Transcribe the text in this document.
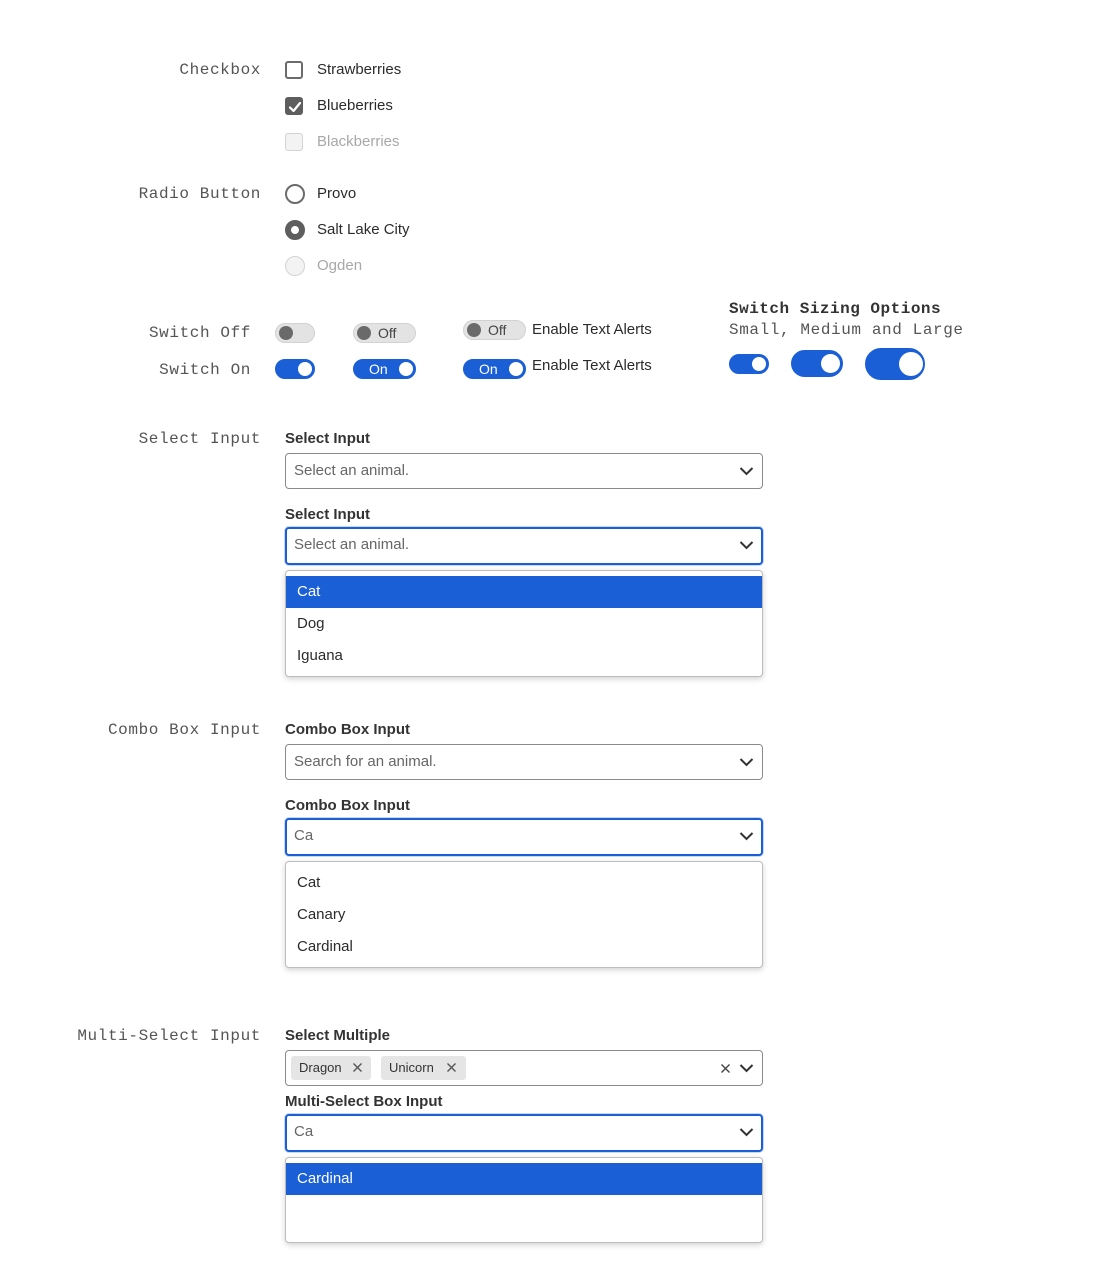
Checkbox	Strawberries
Blueberries
Blackberries
Radio Button	Provo
Salt Lake City
Ogden
Switch Off
Switch On
Off
On
Off Enable Text Alerts
On Enable Text Alerts
Switch Sizing Options
Small, Medium and Large
Select Input Select Input
Select an animal.
Select Input
Select an animal.
Cat
Dog
Iguana
Combo Box Input Combo Box Input
Search for an animal.
Combo Box Input
Ca
Cat
Canary
Cardinal
Multi-Select Input Select Multiple
Dragon	Unicorn
Multi-Select Box Input
Ca
Cardinal
